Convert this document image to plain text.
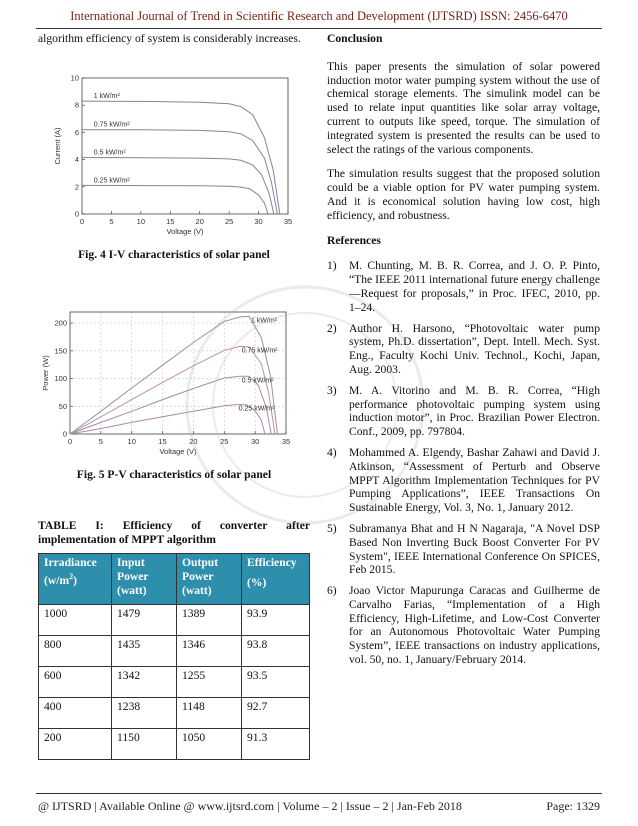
International Journal of Trend in Scientific Research and Development (IJTSRD) ISSN: 2456-6470

algorithm efficiency of system is considerably increases.

0	5	10	15	20	25	30	35
0
2
4
6
8
10
Voltage (V)
Current (A)
1 kW/m²
0.75 kW/m²
0.5 kW/m²
0.25 kW/m²
Fig. 4 I-V characteristics of solar panel
0	5	10	15	20	25	30	35
0
50
100
150
200
Voltage (V)
Power (W)
1 kW/m²
0.75 kW/m²
0.5 kW/m²
0.25 kW/m²
Fig. 5 P-V characteristics of solar panel

TABLE I: Efficiency of converter after implementation of MPPT algorithm

Irradiance $(w/m^2)$	Input Power (watt)	Output Power (watt)	Efficiency
(%)

1000	1479	1389	93.9
800	1435	1346	93.8
600	1342	1255	93.5
400	1238	1148	92.7
200	1150	1050	91.3

Conclusion

This paper presents the simulation of solar powered induction motor water pumping system without the use of chemical storage elements. The simulink model can be used to relate input quantities like solar array voltage, current to outputs like speed, torque. The simulation of integrated system is presented the results can be used to select the ratings of the various components.

The simulation results suggest that the proposed solution could be a viable option for PV water pumping system. And it is economical solution having low cost, high efficiency, and robustness.

References

1) M. Chunting, M. B. R. Correa, and J. O. P. Pinto, “The IEEE 2011 international future energy challenge—Request for proposals,” in Proc. IFEC, 2010, pp. 1–24.
2) Author H. Harsono, “Photovoltaic water pump system, Ph.D. dissertation”, Dept. Intell. Mech. Syst. Eng., Faculty Kochi Univ. Technol., Kochi, Japan, Aug. 2003.
3) M. A. Vitorino and M. B. R. Correa, “High performance photovoltaic pumping system using induction motor”, in Proc. Brazilian Power Electron. Conf., 2009, pp. 797804.
4) Mohammed A. Elgendy, Bashar Zahawi and David J. Atkinson, “Assessment of Perturb and Observe MPPT Algorithm Implementation Techniques for PV Pumping Applications”, IEEE Transactions On Sustainable Energy, Vol. 3, No. 1, January 2012.
5) Subramanya Bhat and H N Nagaraja, "A Novel DSP Based Non Inverting Buck Boost Converter For PV System", IEEE International Conference On SPICES, Feb 2015.
6) Joao Victor Mapurunga Caracas and Guilherme de Carvalho Farias, “Implementation of a High Efficiency, High-Lifetime, and Low-Cost Converter for an Autonomous Photovoltaic Water Pumping System”, IEEE transactions on industry applications, vol. 50, no. 1, January/February 2014.
@ IJTSRD | Available Online @ www.ijtsrd.com | Volume – 2 | Issue – 2 | Jan-Feb 2018	Page: 1329
